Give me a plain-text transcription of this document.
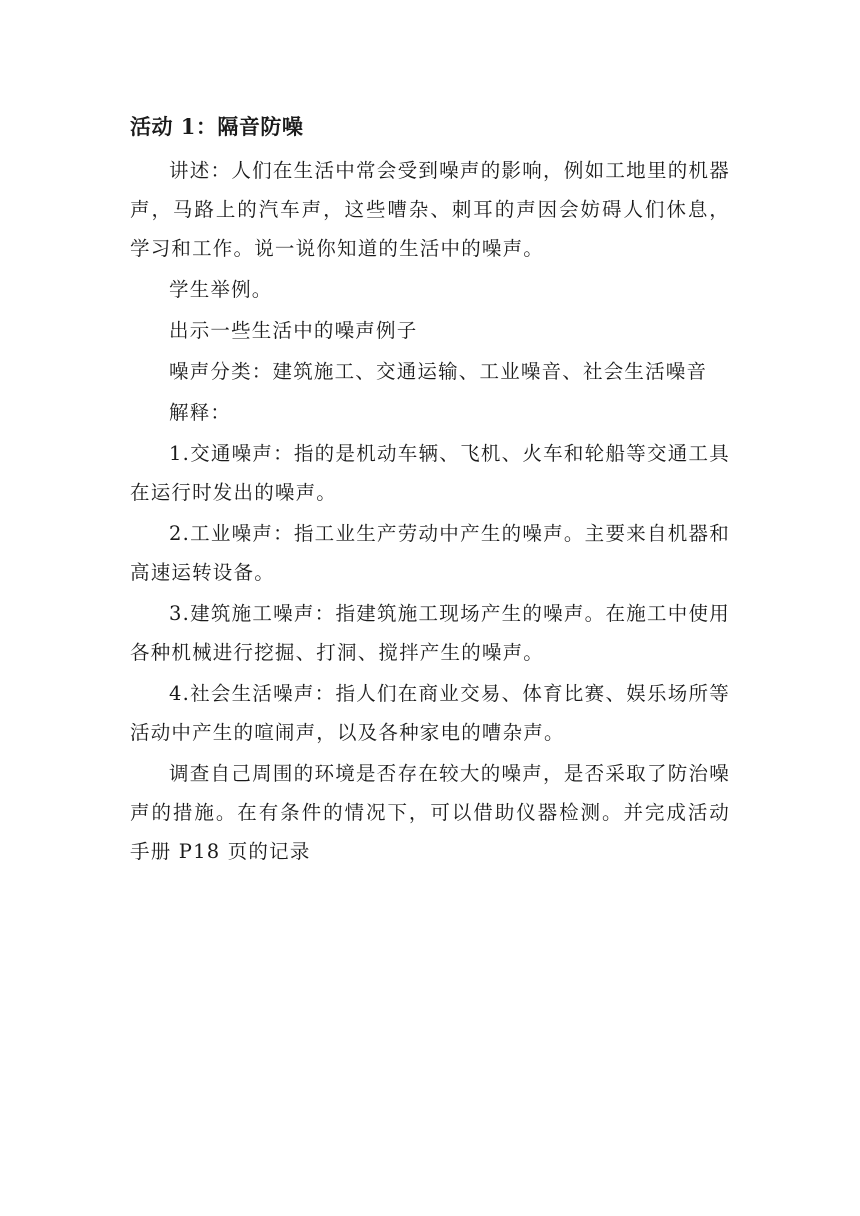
活动 1：隔音防噪

讲述：人们在生活中常会受到噪声的影响，例如工地里的机器声，马路上的汽车声，这些嘈杂、刺耳的声因会妨碍人们休息，学习和工作。说一说你知道的生活中的噪声。

学生举例。

出示一些生活中的噪声例子

噪声分类：建筑施工、交通运输、工业噪音、社会生活噪音

解释：

1.交通噪声：指的是机动车辆、飞机、火车和轮船等交通工具在运行时发出的噪声。

2.工业噪声：指工业生产劳动中产生的噪声。主要来自机器和高速运转设备。

3.建筑施工噪声：指建筑施工现场产生的噪声。在施工中使用各种机械进行挖掘、打洞、搅拌产生的噪声。

4.社会生活噪声：指人们在商业交易、体育比赛、娱乐场所等活动中产生的喧闹声，以及各种家电的嘈杂声。

调查自己周围的环境是否存在较大的噪声，是否采取了防治噪声的措施。在有条件的情况下，可以借助仪器检测。并完成活动手册 P18 页的记录
